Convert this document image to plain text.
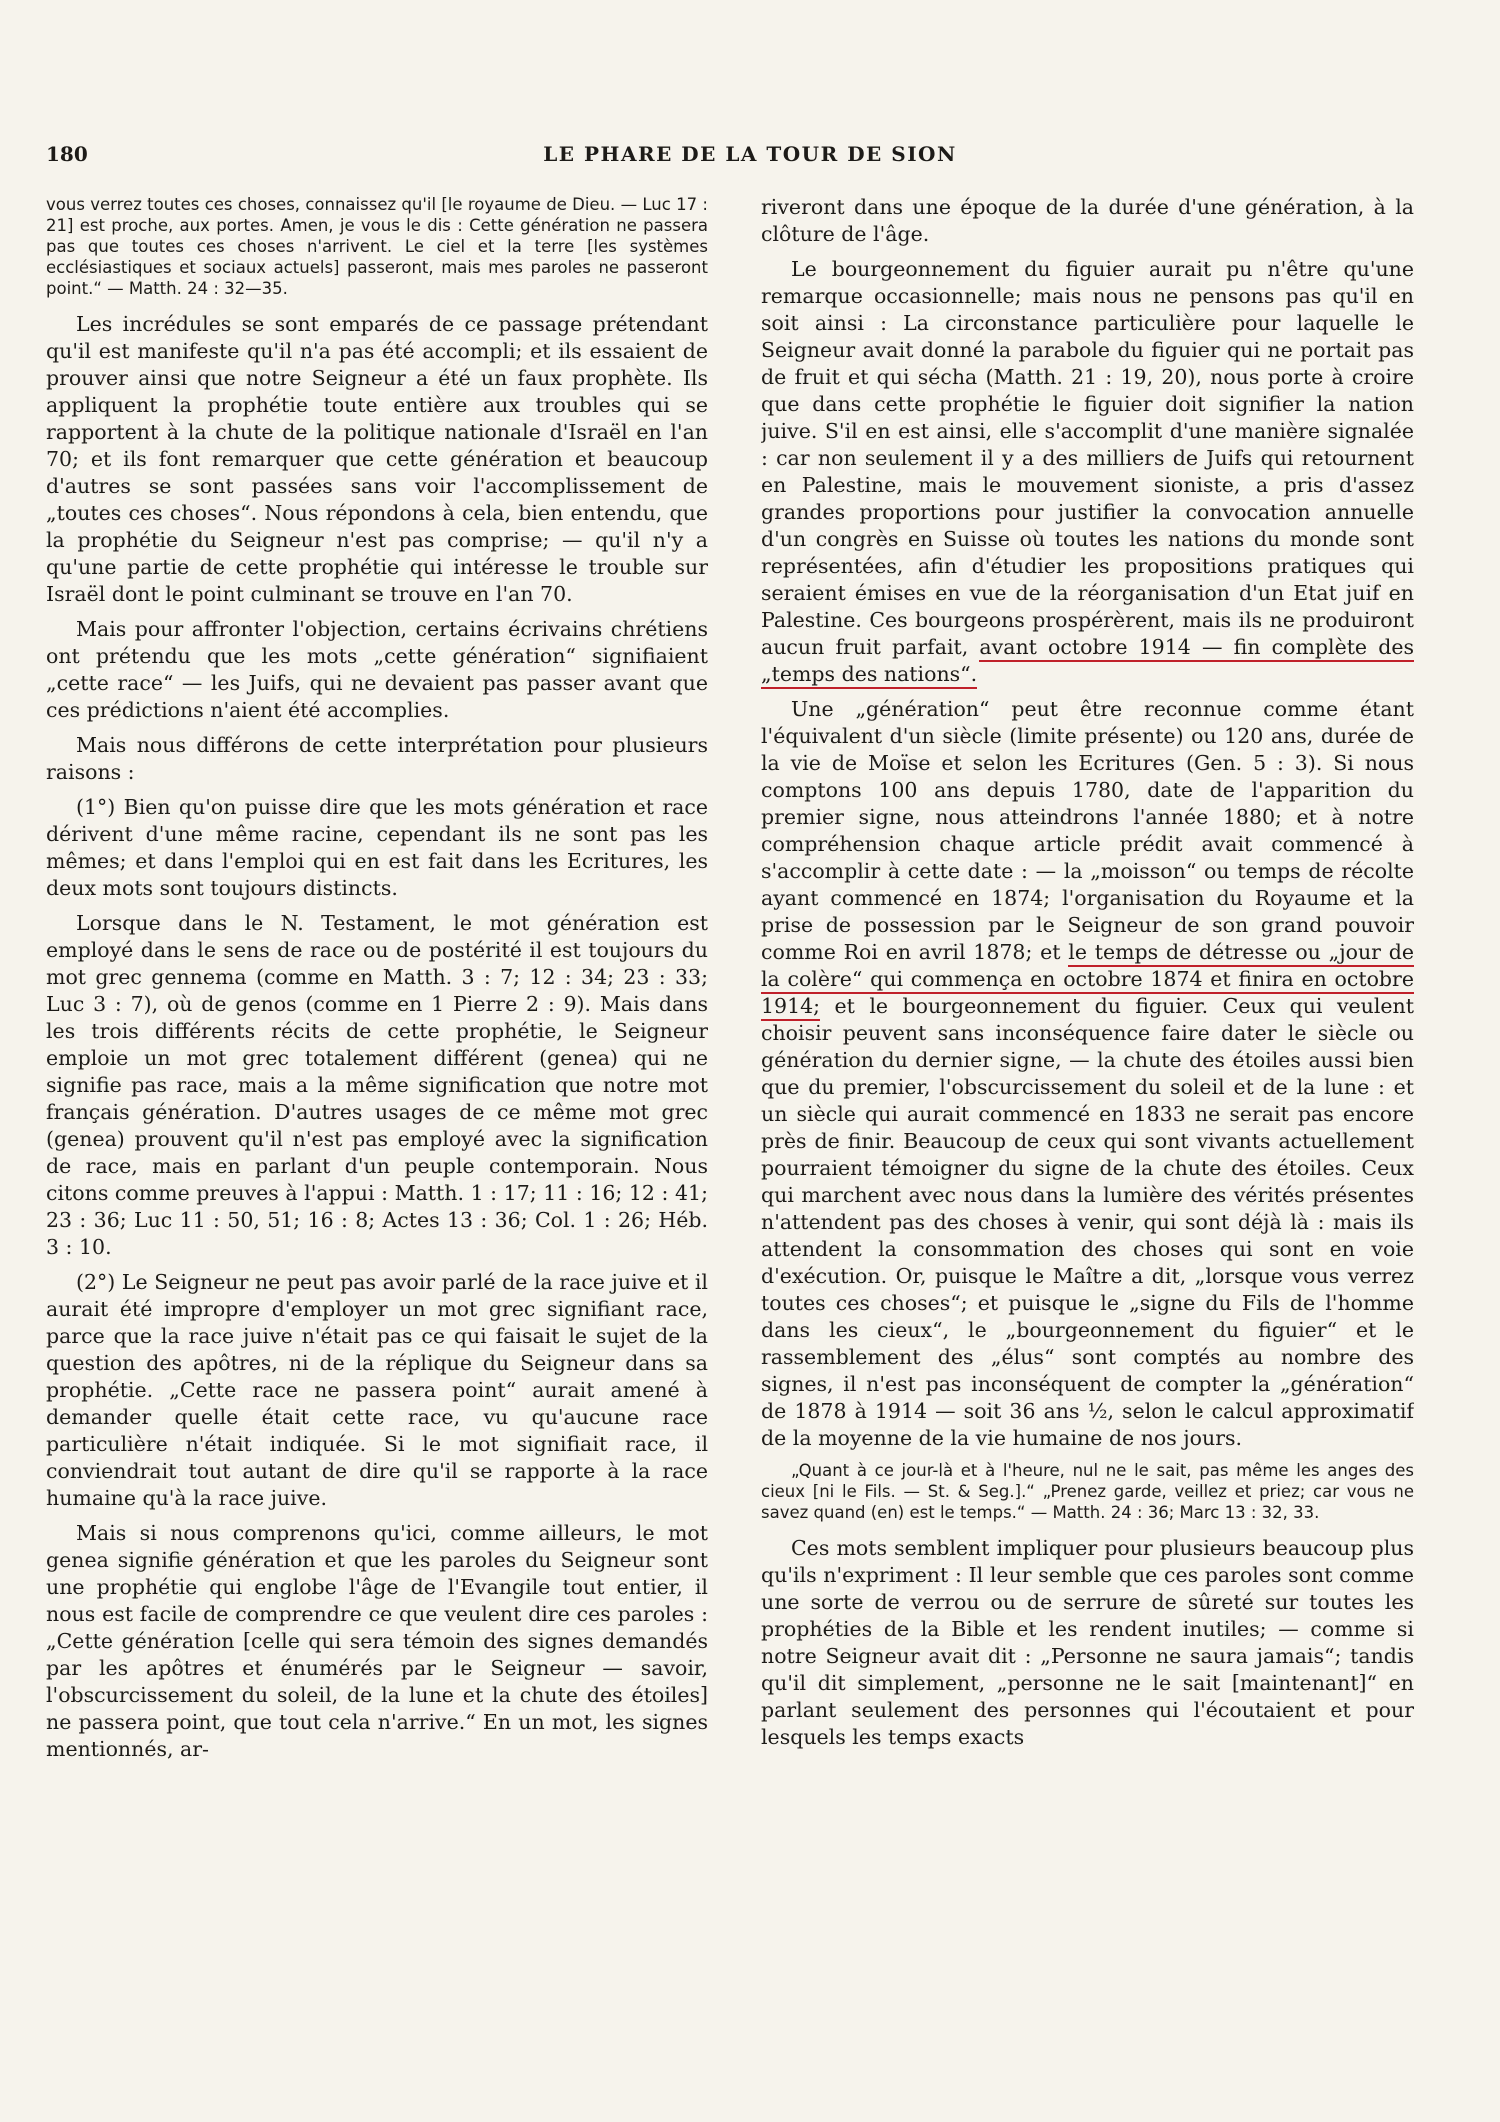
180	LE PHARE DE LA TOUR DE SION
vous verrez toutes ces choses, connaissez qu'il [le royaume de Dieu. — Luc 17 : 21] est proche, aux portes. Amen, je vous le dis : Cette génération ne passera pas que toutes ces choses n'arrivent. Le ciel et la terre [les systèmes ecclésiastiques et sociaux actuels] passeront, mais mes paroles ne passeront point.“ — Matth. 24 : 32—35.

Les incrédules se sont emparés de ce passage prétendant qu'il est manifeste qu'il n'a pas été accompli; et ils essaient de prouver ainsi que notre Seigneur a été un faux prophète. Ils appliquent la prophétie toute entière aux troubles qui se rapportent à la chute de la politique nationale d'Israël en l'an 70; et ils font remarquer que cette génération et beaucoup d'autres se sont passées sans voir l'accomplissement de „toutes ces choses“. Nous répondons à cela, bien entendu, que la prophétie du Seigneur n'est pas comprise; — qu'il n'y a qu'une partie de cette prophétie qui intéresse le trouble sur Israël dont le point culminant se trouve en l'an 70.

Mais pour affronter l'objection, certains écrivains chrétiens ont prétendu que les mots „cette génération“ signifiaient „cette race“ — les Juifs, qui ne devaient pas passer avant que ces prédictions n'aient été accomplies.

Mais nous différons de cette interprétation pour plusieurs raisons :

(1°) Bien qu'on puisse dire que les mots génération et race dérivent d'une même racine, cependant ils ne sont pas les mêmes; et dans l'emploi qui en est fait dans les Ecritures, les deux mots sont toujours distincts.

Lorsque dans le N. Testament, le mot génération est employé dans le sens de race ou de postérité il est toujours du mot grec gennema (comme en Matth. 3 : 7; 12 : 34; 23 : 33; Luc 3 : 7), où de genos (comme en 1 Pierre 2 : 9). Mais dans les trois différents récits de cette prophétie, le Seigneur emploie un mot grec totalement différent (genea) qui ne signifie pas race, mais a la même signification que notre mot français génération. D'autres usages de ce même mot grec (genea) prouvent qu'il n'est pas employé avec la signification de race, mais en parlant d'un peuple contemporain. Nous citons comme preuves à l'appui : Matth. 1 : 17; 11 : 16; 12 : 41; 23 : 36; Luc 11 : 50, 51; 16 : 8; Actes 13 : 36; Col. 1 : 26; Héb. 3 : 10.

(2°) Le Seigneur ne peut pas avoir parlé de la race juive et il aurait été impropre d'employer un mot grec signifiant race, parce que la race juive n'était pas ce qui faisait le sujet de la question des apôtres, ni de la réplique du Seigneur dans sa prophétie. „Cette race ne passera point“ aurait amené à demander quelle était cette race, vu qu'aucune race particulière n'était indiquée. Si le mot signifiait race, il conviendrait tout autant de dire qu'il se rapporte à la race humaine qu'à la race juive.

Mais si nous comprenons qu'ici, comme ailleurs, le mot genea signifie génération et que les paroles du Seigneur sont une prophétie qui englobe l'âge de l'Evangile tout entier, il nous est facile de comprendre ce que veulent dire ces paroles : „Cette génération [celle qui sera témoin des signes demandés par les apôtres et énumérés par le Seigneur — savoir, l'obscurcissement du soleil, de la lune et la chute des étoiles] ne passera point, que tout cela n'arrive.“ En un mot, les signes mentionnés, ar-

riveront dans une époque de la durée d'une génération, à la clôture de l'âge.

Le bourgeonnement du figuier aurait pu n'être qu'une remarque occasionnelle; mais nous ne pensons pas qu'il en soit ainsi : La circonstance particulière pour laquelle le Seigneur avait donné la parabole du figuier qui ne portait pas de fruit et qui sécha (Matth. 21 : 19, 20), nous porte à croire que dans cette prophétie le figuier doit signifier la nation juive. S'il en est ainsi, elle s'accomplit d'une manière signalée : car non seulement il y a des milliers de Juifs qui retournent en Palestine, mais le mouvement sioniste, a pris d'assez grandes proportions pour justifier la convocation annuelle d'un congrès en Suisse où toutes les nations du monde sont représentées, afin d'étudier les propositions pratiques qui seraient émises en vue de la réorganisation d'un Etat juif en Palestine. Ces bourgeons prospérèrent, mais ils ne produiront aucun fruit parfait, avant octobre 1914 — fin complète des „temps des nations“.

Une „génération“ peut être reconnue comme étant l'équivalent d'un siècle (limite présente) ou 120 ans, durée de la vie de Moïse et selon les Ecritures (Gen. 5 : 3). Si nous comptons 100 ans depuis 1780, date de l'apparition du premier signe, nous atteindrons l'année 1880; et à notre compréhension chaque article prédit avait commencé à s'accomplir à cette date : — la „moisson“ ou temps de récolte ayant commencé en 1874; l'organisation du Royaume et la prise de possession par le Seigneur de son grand pouvoir comme Roi en avril 1878; et le temps de détresse ou „jour de la colère“ qui commença en octobre 1874 et finira en octobre 1914; et le bourgeonnement du figuier. Ceux qui veulent choisir peuvent sans inconséquence faire dater le siècle ou génération du dernier signe, — la chute des étoiles aussi bien que du premier, l'obscurcissement du soleil et de la lune : et un siècle qui aurait commencé en 1833 ne serait pas encore près de finir. Beaucoup de ceux qui sont vivants actuellement pourraient témoigner du signe de la chute des étoiles. Ceux qui marchent avec nous dans la lumière des vérités présentes n'attendent pas des choses à venir, qui sont déjà là : mais ils attendent la consommation des choses qui sont en voie d'exécution. Or, puisque le Maître a dit, „lorsque vous verrez toutes ces choses“; et puisque le „signe du Fils de l'homme dans les cieux“, le „bourgeonnement du figuier“ et le rassemblement des „élus“ sont comptés au nombre des signes, il n'est pas inconséquent de compter la „génération“ de 1878 à 1914 — soit 36 ans ½, selon le calcul approximatif de la moyenne de la vie humaine de nos jours.

„Quant à ce jour-là et à l'heure, nul ne le sait, pas même les anges des cieux [ni le Fils. — St. & Seg.].“ „Prenez garde, veillez et priez; car vous ne savez quand (en) est le temps.“ — Matth. 24 : 36; Marc 13 : 32, 33.

Ces mots semblent impliquer pour plusieurs beaucoup plus qu'ils n'expriment : Il leur semble que ces paroles sont comme une sorte de verrou ou de serrure de sûreté sur toutes les prophéties de la Bible et les rendent inutiles; — comme si notre Seigneur avait dit : „Personne ne saura jamais“; tandis qu'il dit simplement, „personne ne le sait [maintenant]“ en parlant seulement des personnes qui l'écoutaient et pour lesquels les temps exacts
